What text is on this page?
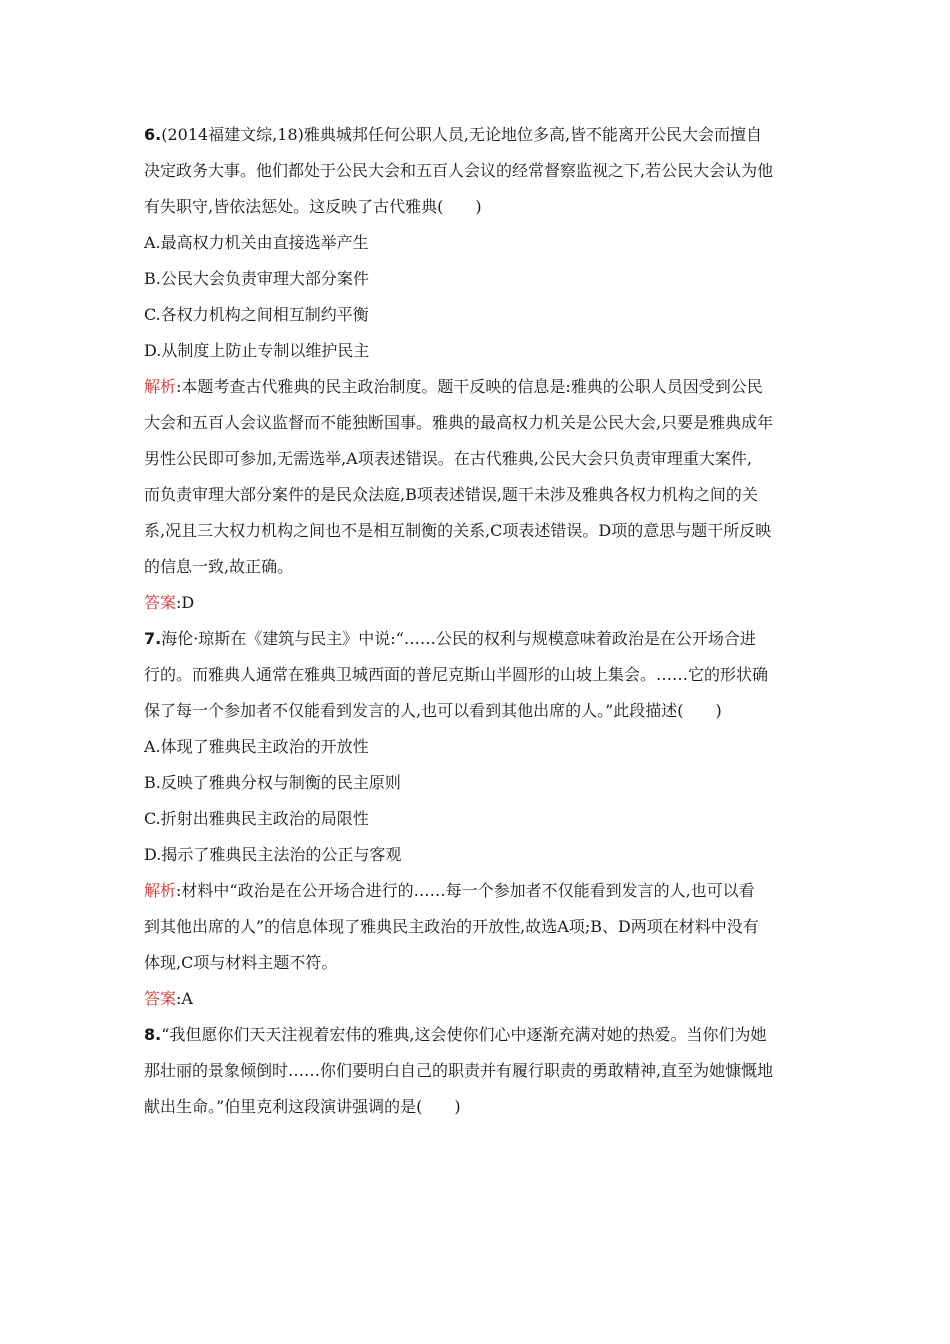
6.(2014福建文综,18)雅典城邦任何公职人员,无论地位多高,皆不能离开公民大会而擅自

决定政务大事。他们都处于公民大会和五百人会议的经常督察监视之下,若公民大会认为他

有失职守,皆依法惩处。这反映了古代雅典(　　)

A.最高权力机关由直接选举产生

B.公民大会负责审理大部分案件

C.各权力机构之间相互制约平衡

D.从制度上防止专制以维护民主

解析:本题考查古代雅典的民主政治制度。题干反映的信息是:雅典的公职人员因受到公民

大会和五百人会议监督而不能独断国事。雅典的最高权力机关是公民大会,只要是雅典成年

男性公民即可参加,无需选举,A项表述错误。在古代雅典,公民大会只负责审理重大案件,

而负责审理大部分案件的是民众法庭,B项表述错误,题干未涉及雅典各权力机构之间的关

系,况且三大权力机构之间也不是相互制衡的关系,C项表述错误。D项的意思与题干所反映

的信息一致,故正确。

答案:D

7.海伦·琼斯在《建筑与民主》中说:“……公民的权利与规模意味着政治是在公开场合进

行的。而雅典人通常在雅典卫城西面的普尼克斯山半圆形的山坡上集会。……它的形状确

保了每一个参加者不仅能看到发言的人,也可以看到其他出席的人。”此段描述(　　)

A.体现了雅典民主政治的开放性

B.反映了雅典分权与制衡的民主原则

C.折射出雅典民主政治的局限性

D.揭示了雅典民主法治的公正与客观

解析:材料中“政治是在公开场合进行的……每一个参加者不仅能看到发言的人,也可以看

到其他出席的人”的信息体现了雅典民主政治的开放性,故选A项;B、D两项在材料中没有

体现,C项与材料主题不符。

答案:A

8.“我但愿你们天天注视着宏伟的雅典,这会使你们心中逐渐充满对她的热爱。当你们为她

那壮丽的景象倾倒时……你们要明白自己的职责并有履行职责的勇敢精神,直至为她慷慨地

献出生命。”伯里克利这段演讲强调的是(　　)
